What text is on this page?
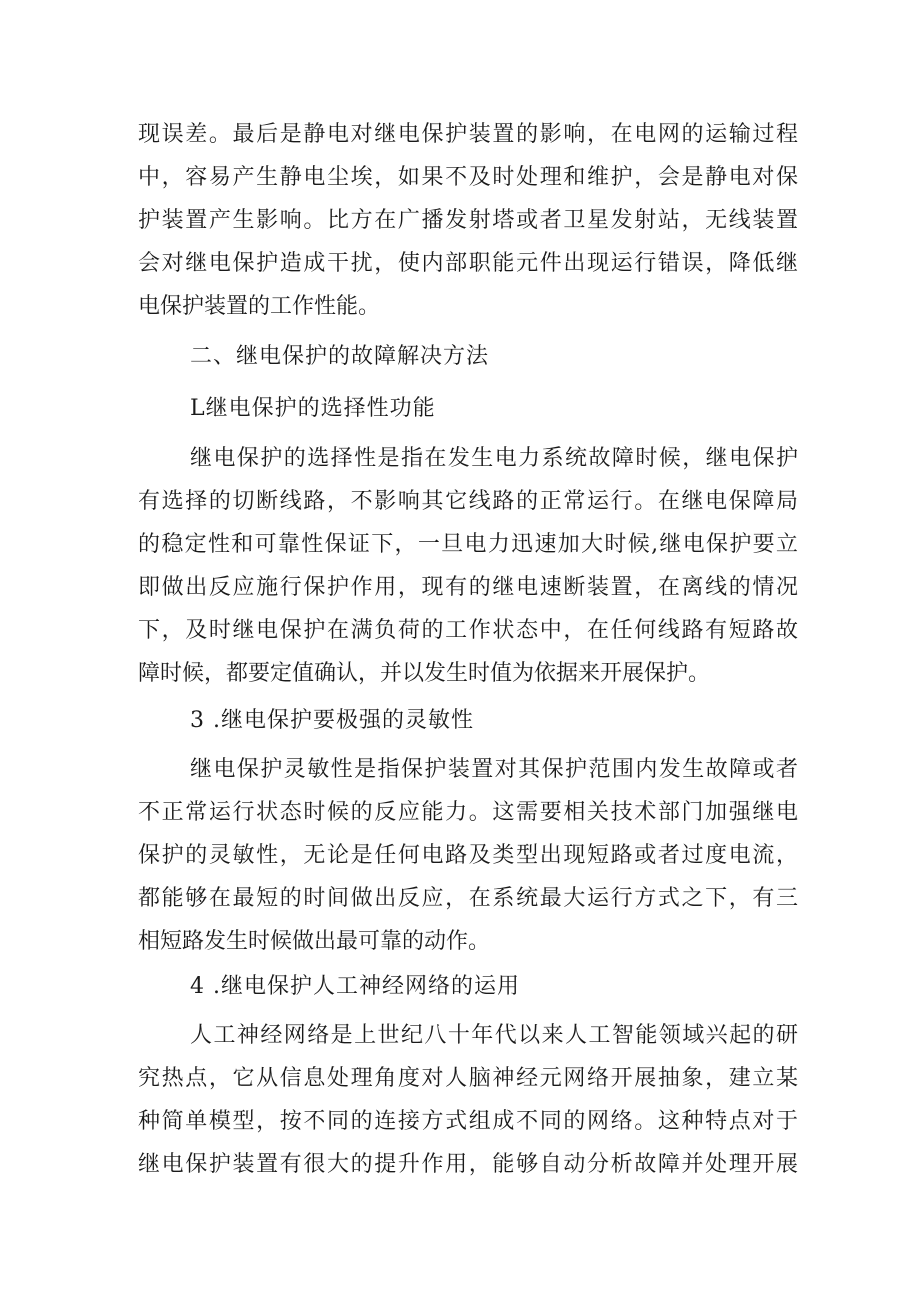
现误差。最后是静电对继电保护装置的影响，在电网的运输过程
中，容易产生静电尘埃，如果不及时处理和维护，会是静电对保
护装置产生影响。比方在广播发射塔或者卫星发射站，无线装置
会对继电保护造成干扰，使内部职能元件出现运行错误，降低继
电保护装置的工作性能。
二、继电保护的故障解决方法
L继电保护的选择性功能
继电保护的选择性是指在发生电力系统故障时候，继电保护
有选择的切断线路，不影响其它线路的正常运行。在继电保障局
的稳定性和可靠性保证下，一旦电力迅速加大时候,继电保护要立
即做出反应施行保护作用，现有的继电速断装置，在离线的情况
下，及时继电保护在满负荷的工作状态中，在任何线路有短路故
障时候，都要定值确认，并以发生时值为依据来开展保护。
3 .继电保护要极强的灵敏性
继电保护灵敏性是指保护装置对其保护范围内发生故障或者
不正常运行状态时候的反应能力。这需要相关技术部门加强继电
保护的灵敏性，无论是任何电路及类型出现短路或者过度电流，
都能够在最短的时间做出反应，在系统最大运行方式之下，有三
相短路发生时候做出最可靠的动作。
4 .继电保护人工神经网络的运用
人工神经网络是上世纪八十年代以来人工智能领域兴起的研
究热点，它从信息处理角度对人脑神经元网络开展抽象，建立某
种简单模型，按不同的连接方式组成不同的网络。这种特点对于
继电保护装置有很大的提升作用，能够自动分析故障并处理开展
